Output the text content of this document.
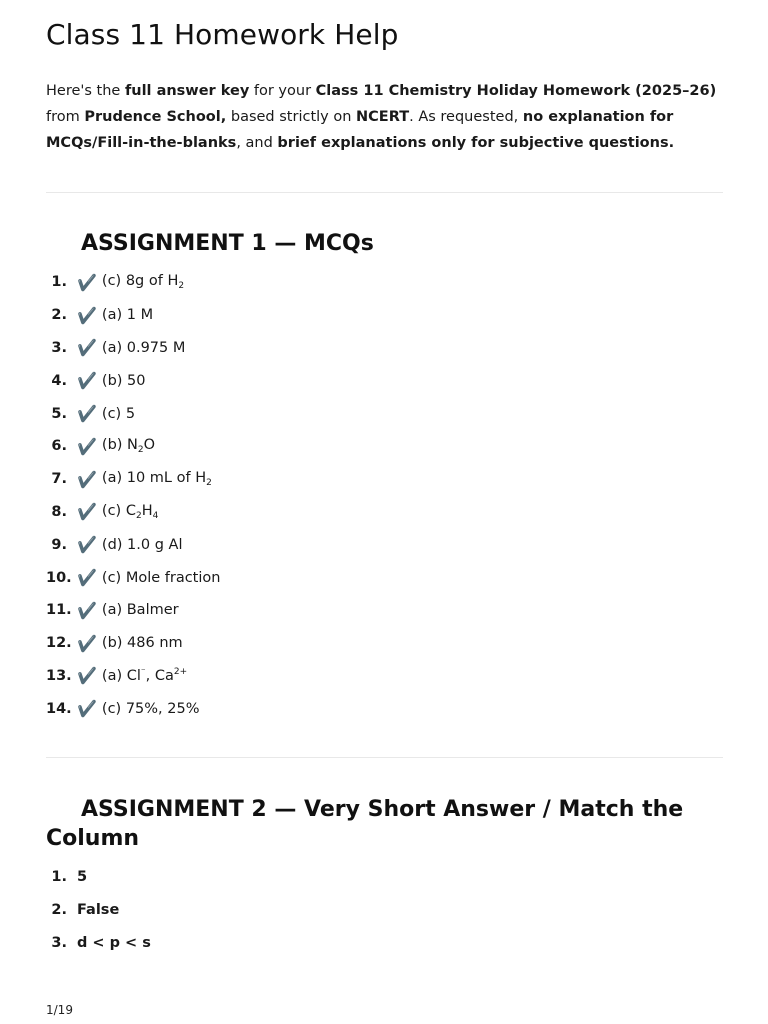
Class 11 Homework Help

Here's the full answer key for your Class 11 Chemistry Holiday Homework (2025–26) from Prudence School, based strictly on NCERT. As requested, no explanation for MCQs/Fill-in-the-blanks, and brief explanations only for subjective questions.

ASSIGNMENT 1 — MCQs
1. ✔️ (c) 8g of $H_2$
2. ✔️ (a) 1 M
3. ✔️ (a) 0.975 M
4. ✔️ (b) 50
5. ✔️ (c) 5
6. ✔️ (b) $N_2O$
7. ✔️ (a) 10 mL of $H_2$
8. ✔️ (c) $C_2H_4$
9. ✔️ (d) 1.0 g Al
10. ✔️ (c) Mole fraction
11. ✔️ (a) Balmer
12. ✔️ (b) 486 nm
13. ✔️ (a) Cl⁻, $Ca^{2+}$
14. ✔️ (c) 75%, 25%
ASSIGNMENT 2 — Very Short Answer / Match the
Column
1. 5
2. False
3. d < p < s
1/19
